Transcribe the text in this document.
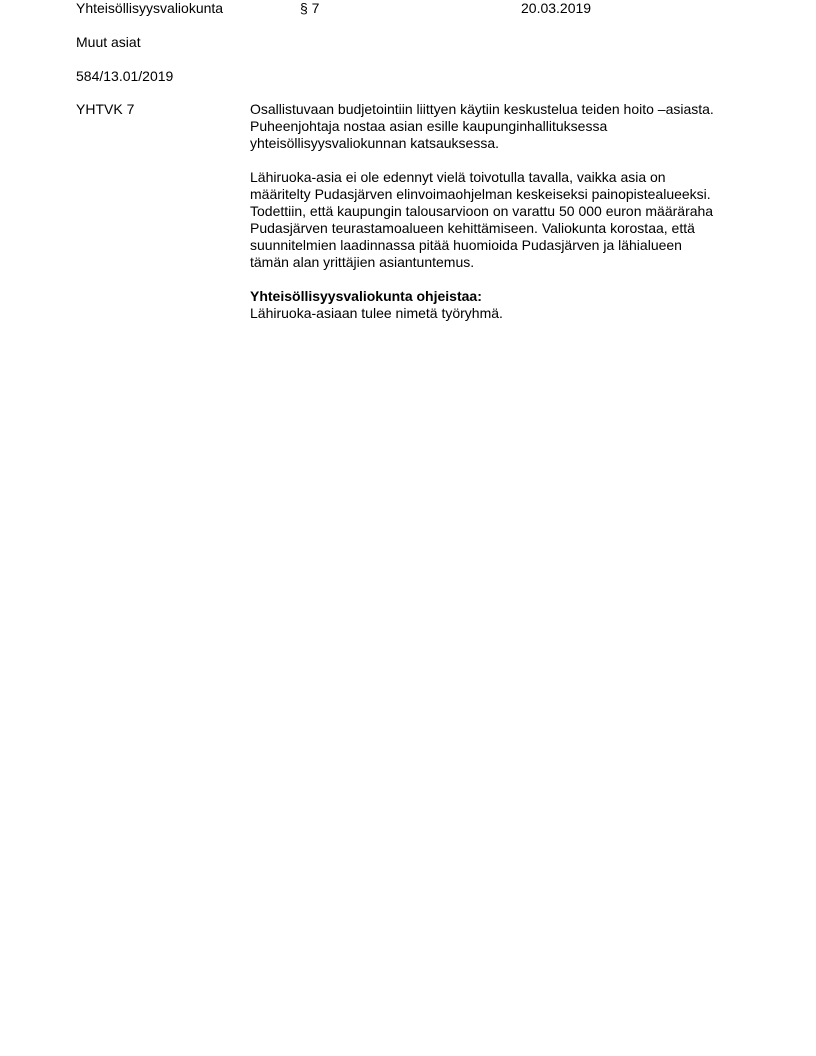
Yhteisöllisyysvaliokunta	§ 7	20.03.2019
Muut asiat
584/13.01/2019
YHTVK 7	Osallistuvaan budjetointiin liittyen käytiin keskustelua teiden hoito –asiasta.
Puheenjohtaja nostaa asian esille kaupunginhallituksessa
yhteisöllisyysvaliokunnan katsauksessa.

Lähiruoka-asia ei ole edennyt vielä toivotulla tavalla, vaikka asia on
määritelty Pudasjärven elinvoimaohjelman keskeiseksi painopistealueeksi.
Todettiin, että kaupungin talousarvioon on varattu 50 000 euron määräraha
Pudasjärven teurastamoalueen kehittämiseen. Valiokunta korostaa, että
suunnitelmien laadinnassa pitää huomioida Pudasjärven ja lähialueen
tämän alan yrittäjien asiantuntemus.

Yhteisöllisyysvaliokunta ohjeistaa:
Lähiruoka-asiaan tulee nimetä työryhmä.
